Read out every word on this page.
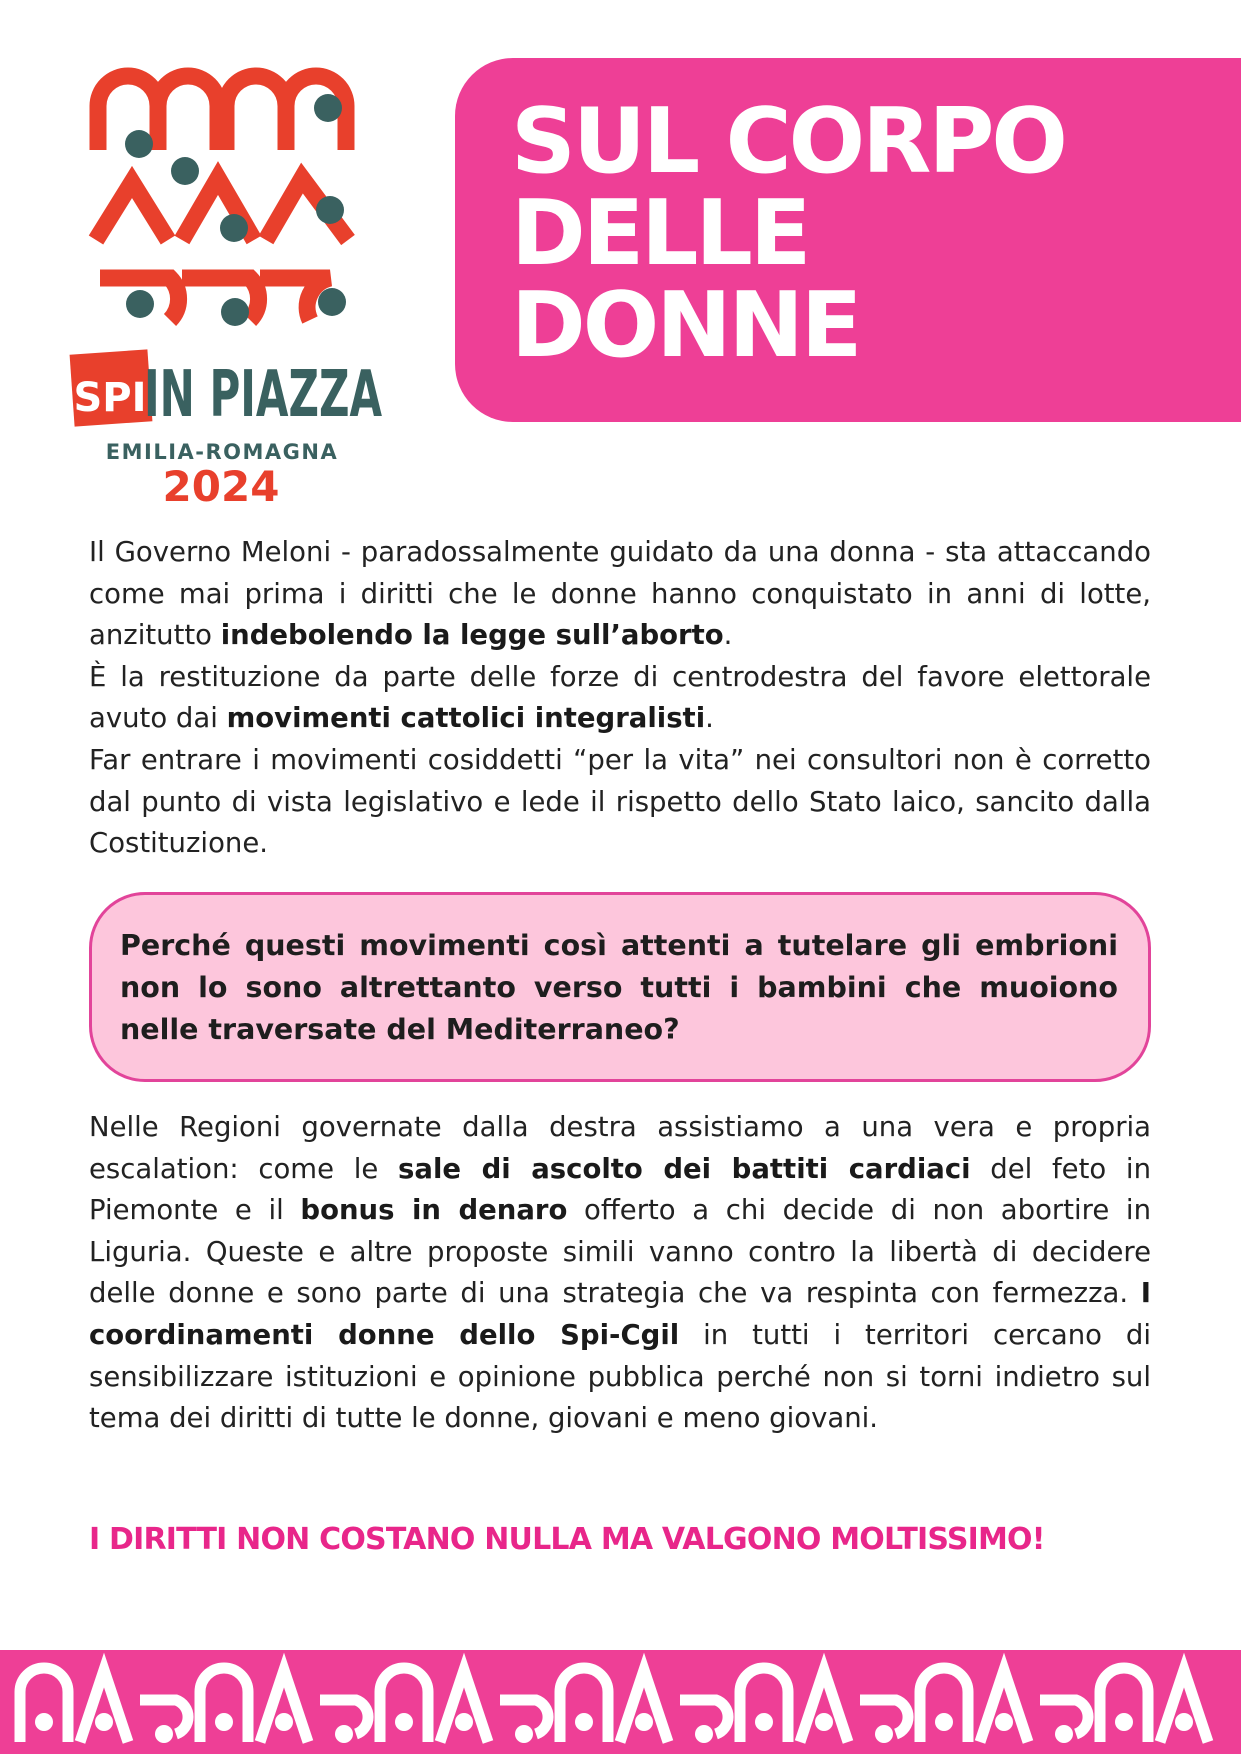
SPI
IN PIAZZA
EMILIA-ROMAGNA
2024
SUL CORPO
DELLE
DONNE

Il Governo Meloni - paradossalmente guidato da una donna - sta attaccando come mai prima i diritti che le donne hanno conquistato in anni di lotte, anzitutto indebolendo la legge sull’aborto.
È la restituzione da parte delle forze di centrodestra del favore elettorale avuto dai movimenti cattolici integralisti.
Far entrare i movimenti cosiddetti “per la vita” nei consultori non è corretto dal punto di vista legislativo e lede il rispetto dello Stato laico, sancito dalla Costituzione.

Perché questi movimenti così attenti a tutelare gli embrioni non lo sono altrettanto verso tutti i bambini che muoiono nelle traversate del Mediterraneo?

Nelle Regioni governate dalla destra assistiamo a una vera e propria escalation: come le sale di ascolto dei battiti cardiaci del feto in Piemonte e il bonus in denaro offerto a chi decide di non abortire in Liguria. Queste e altre proposte simili vanno contro la libertà di decidere delle donne e sono parte di una strategia che va respinta con fermezza. I coordinamenti donne dello Spi-Cgil in tutti i territori cercano di sensibilizzare istituzioni e opinione pubblica perché non si torni indietro sul tema dei diritti di tutte le donne, giovani e meno giovani.

I DIRITTI NON COSTANO NULLA MA VALGONO MOLTISSIMO!
